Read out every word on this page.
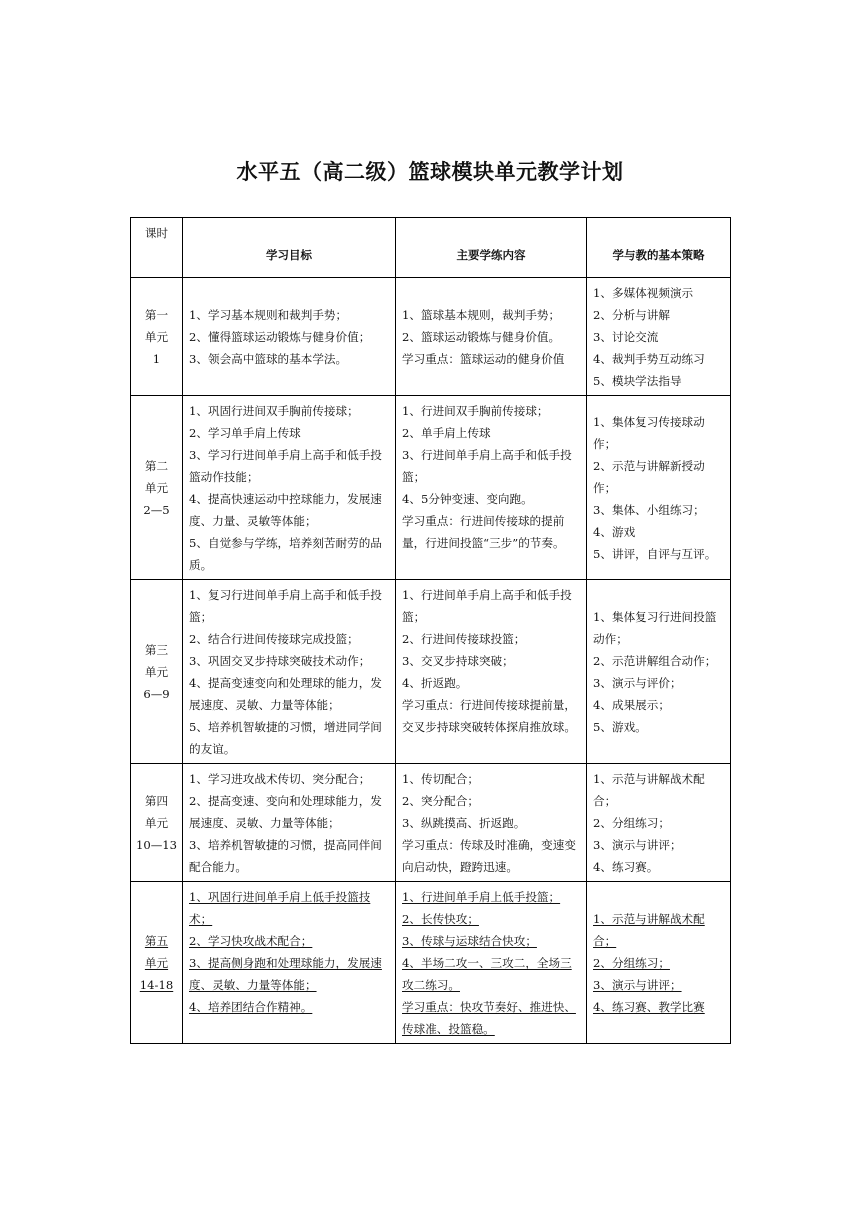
水平五（高二级）篮球模块单元教学计划
课时	学习目标	主要学练内容	学与教的基本策略

第一
单元
1	1、学习基本规则和裁判手势；
2、懂得篮球运动锻炼与健身价值；
3、领会高中篮球的基本学法。	1、篮球基本规则，裁判手势；
2、篮球运动锻炼与健身价值。
学习重点：篮球运动的健身价值	1、多媒体视频演示
2、分析与讲解
3、讨论交流
4、裁判手势互动练习
5、模块学法指导

第二
单元
2—5	1、巩固行进间双手胸前传接球；
2、学习单手肩上传球
3、学习行进间单手肩上高手和低手投篮动作技能；
4、提高快速运动中控球能力，发展速度、力量、灵敏等体能；
5、自觉参与学练，培养刻苦耐劳的品质。	1、行进间双手胸前传接球；
2、单手肩上传球
3、行进间单手肩上高手和低手投篮；
4、5分钟变速、变向跑。
学习重点：行进间传接球的提前量，行进间投篮“三步”的节奏。	1、集体复习传接球动作；
2、示范与讲解新授动作；
3、集体、小组练习；
4、游戏
5、讲评，自评与互评。

第三
单元
6—9	1、复习行进间单手肩上高手和低手投篮；
2、结合行进间传接球完成投篮；
3、巩固交叉步持球突破技术动作；
4、提高变速变向和处理球的能力，发展速度、灵敏、力量等体能；
5、培养机智敏捷的习惯，增进同学间的友谊。	1、行进间单手肩上高手和低手投篮；
2、行进间传接球投篮；
3、交叉步持球突破；
4、折返跑。
学习重点：行进间传接球提前量，交叉步持球突破转体探肩推放球。	1、集体复习行进间投篮动作；
2、示范讲解组合动作；
3、演示与评价；
4、成果展示；
5、游戏。

第四
单元
10—13	1、学习进攻战术传切、突分配合；
2、提高变速、变向和处理球能力，发展速度、灵敏、力量等体能；
3、培养机智敏捷的习惯，提高同伴间配合能力。	1、传切配合；
2、突分配合；
3、纵跳摸高、折返跑。
学习重点：传球及时准确，变速变向启动快，蹬跨迅速。	1、示范与讲解战术配合；
2、分组练习；
3、演示与讲评；
4、练习赛。

第五
单元
14-18	1、巩固行进间单手肩上低手投篮技术；
2、学习快攻战术配合；
3、提高侧身跑和处理球能力，发展速度、灵敏、力量等体能；
4、培养团结合作精神。	1、行进间单手肩上低手投篮；
2、长传快攻；
3、传球与运球结合快攻；
4、半场二攻一、三攻二，全场三攻二练习。
学习重点：快攻节奏好、推进快、传球准、投篮稳。	1、示范与讲解战术配合；
2、分组练习；
3、演示与讲评；
4、练习赛、教学比赛
